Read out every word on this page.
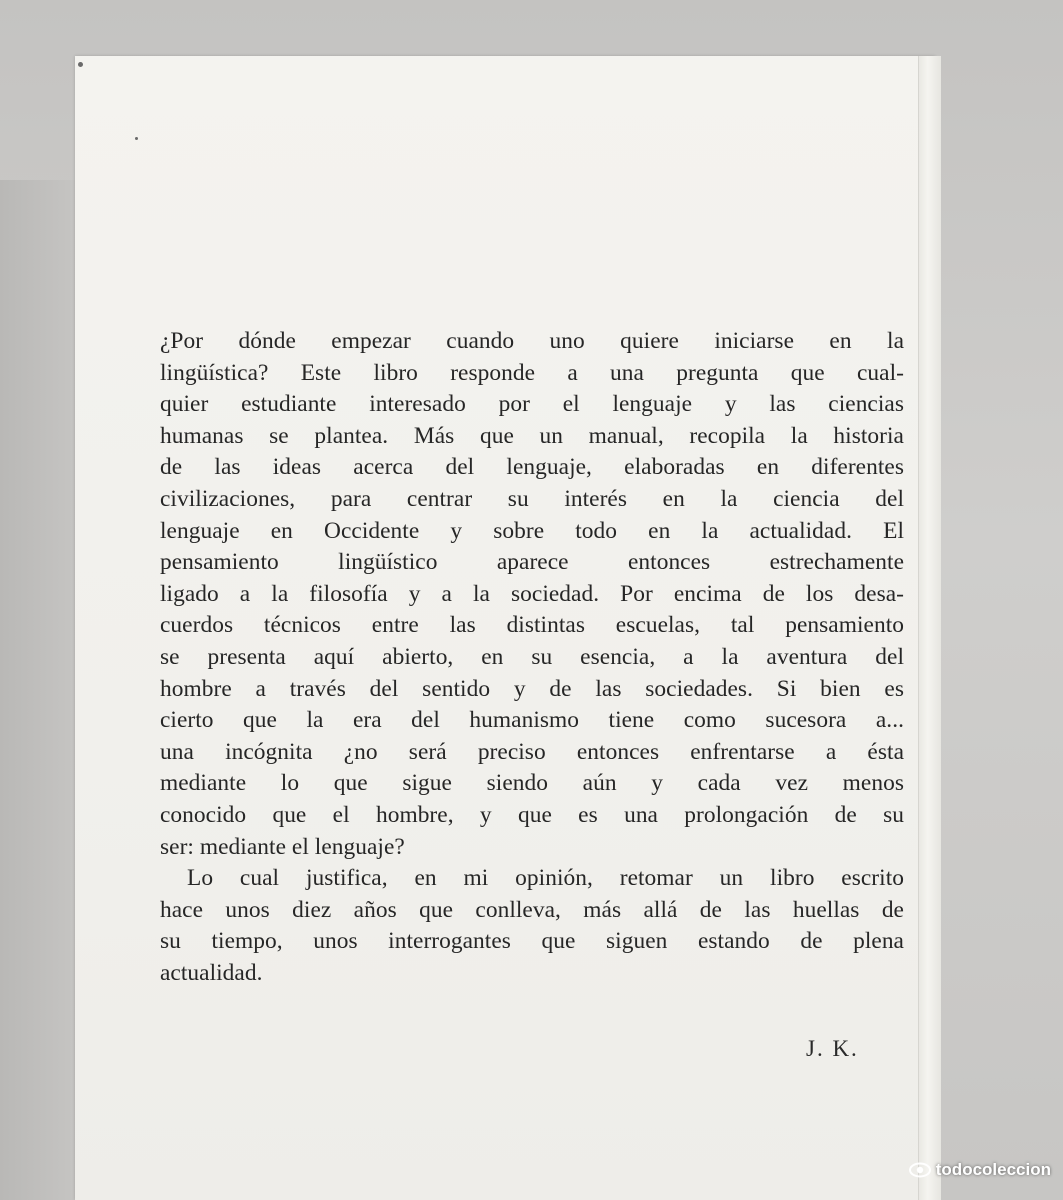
¿Por dónde empezar cuando uno quiere iniciarse en la
lingüística? Este libro responde a una pregunta que cual-
quier estudiante interesado por el lenguaje y las ciencias
humanas se plantea. Más que un manual, recopila la historia
de las ideas acerca del lenguaje, elaboradas en diferentes
civilizaciones, para centrar su interés en la ciencia del
lenguaje en Occidente y sobre todo en la actualidad. El
pensamiento lingüístico aparece entonces estrechamente
ligado a la filosofía y a la sociedad. Por encima de los desa-
cuerdos técnicos entre las distintas escuelas, tal pensamiento
se presenta aquí abierto, en su esencia, a la aventura del
hombre a través del sentido y de las sociedades. Si bien es
cierto que la era del humanismo tiene como sucesora a...
una incógnita ¿no será preciso entonces enfrentarse a ésta
mediante lo que sigue siendo aún y cada vez menos
conocido que el hombre, y que es una prolongación de su
ser: mediante el lenguaje?
Lo cual justifica, en mi opinión, retomar un libro escrito
hace unos diez años que conlleva, más allá de las huellas de
su tiempo, unos interrogantes que siguen estando de plena
actualidad.
J. K.
todocoleccion
